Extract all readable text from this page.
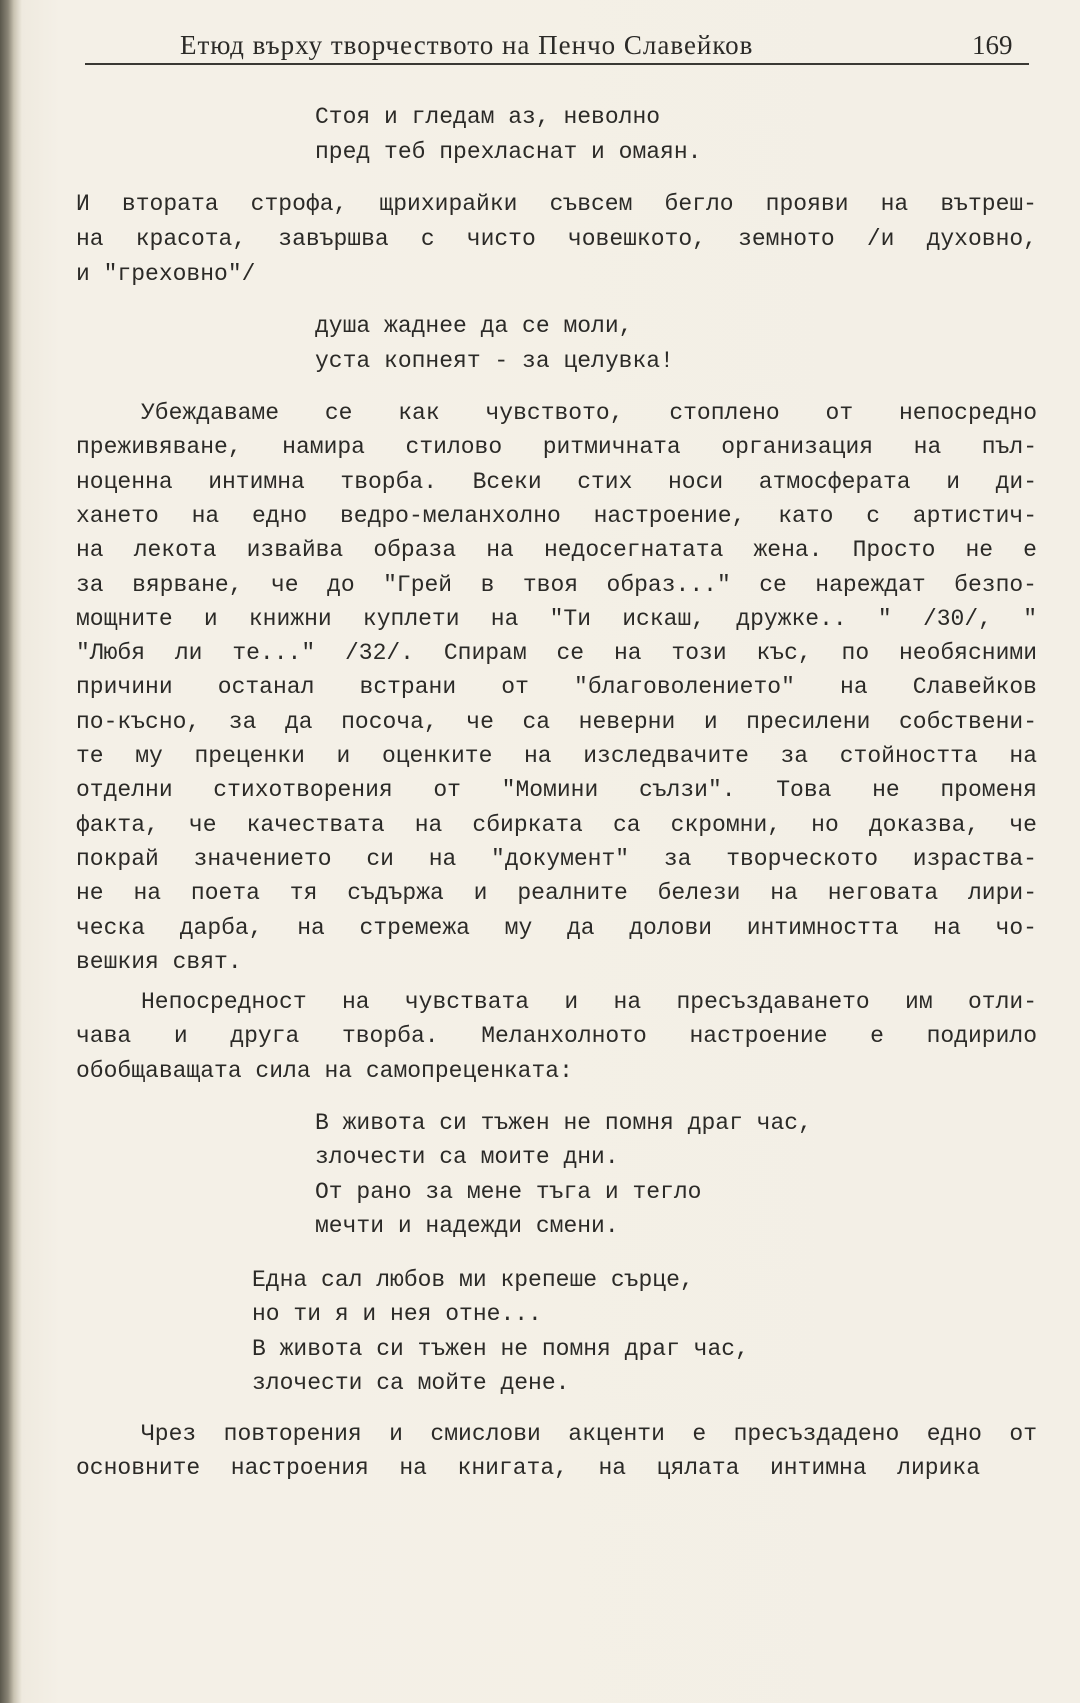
Етюд върху творчеството на Пенчо Славейков	169
Стоя и гледам аз, неволно
пред теб прехласнат и омаян.
И втората строфа, щрихирайки съвсем бегло прояви на вътреш-
на красота, завършва с чисто човешкото, земното /и духовно,
и "греховно"/
душа жаднее да се моли,
уста копнеят - за целувка!
Убеждаваме се как чувството, стоплено от непосредно
преживяване, намира стилово ритмичната организация на пъл-
ноценна интимна творба. Всеки стих носи атмосферата и ди-
хането на едно ведро-меланхолно настроение, като с артистич-
на лекота извайва образа на недосегнатата жена. Просто не е
за вярване, че до "Грей в твоя образ..." се нареждат безпо-
мощните и книжни куплети на "Ти искаш, дружке.. " /30/, "
"Любя ли те..." /32/. Спирам се на този къс, по необясними
причини останал встрани от "благоволението" на Славейков
по-късно, за да посоча, че са неверни и пресилени собствени-
те му преценки и оценките на изследвачите за стойността на
отделни стихотворения от "Момини сълзи". Това не променя
факта, че качествата на сбирката са скромни, но доказва, че
покрай значението си на "документ" за творческото израства-
не на поета тя съдържа и реалните белези на неговата лири-
ческа дарба, на стремежа му да долови интимността на чо-
вешкия свят.
Непосредност на чувствата и на пресъздаването им отли-
чава и друга творба. Меланхолното настроение е подирило
обобщаващата сила на самопреценката:
В живота си тъжен не помня драг час,
злочести са моите дни.
От рано за мене тъга и тегло
мечти и надежди смени.
Една сал любов ми крепеше сърце,
но ти я и нея отне...
В живота си тъжен не помня драг час,
злочести са мойте дене.
Чрез повторения и смислови акценти е пресъздадено едно от
основните настроения на книгата, на цялата интимна лирика
